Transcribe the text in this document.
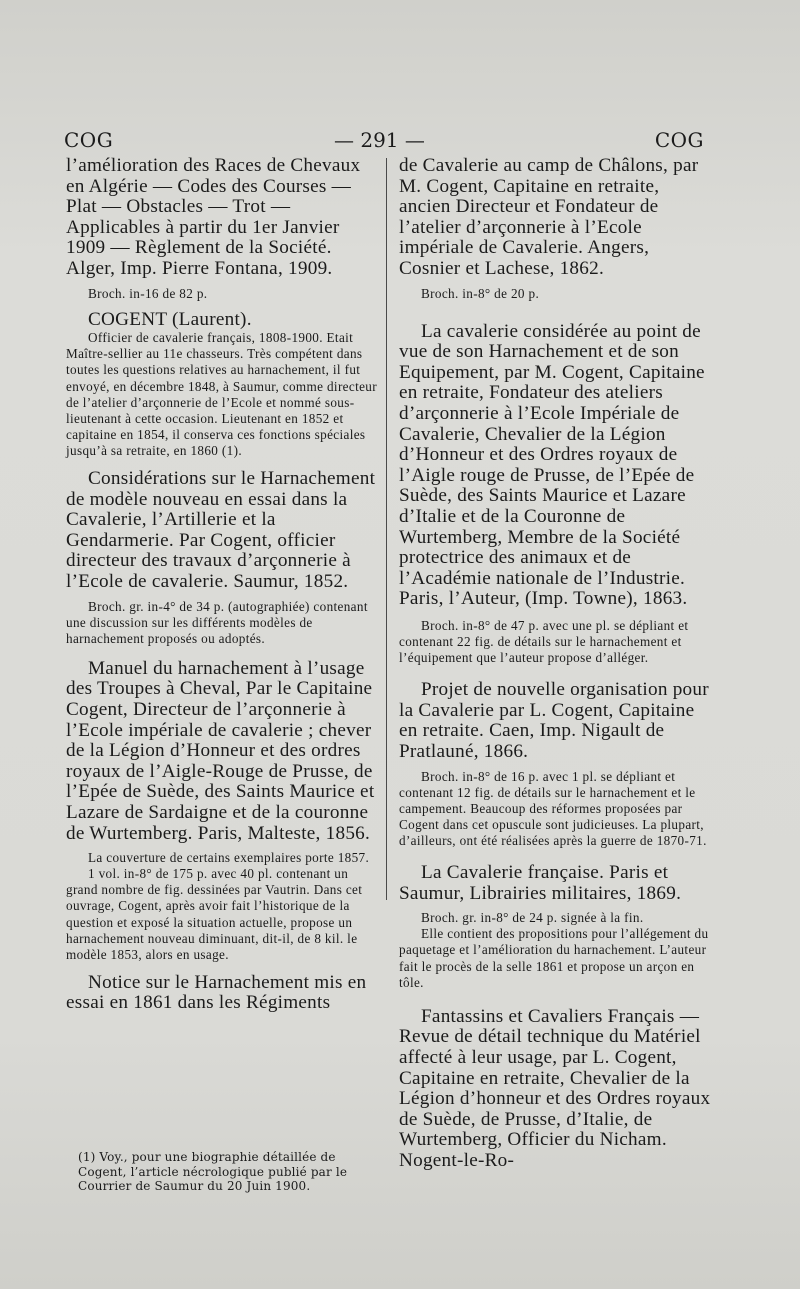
COG	— 291 —	COG

l’amélioration des Races de Chevaux en Algérie — Codes des Courses — Plat — Obstacles — Trot — Applicables à partir du 1er Janvier 1909 — Règlement de la Société. Alger, Imp. Pierre Fontana, 1909.

Broch. in-16 de 82 p.

COGENT (Laurent).

Officier de cavalerie français, 1808-1900. Etait Maître-sellier au 11e chasseurs. Très compétent dans toutes les questions relatives au harnachement, il fut envoyé, en décembre 1848, à Saumur, comme directeur de l’atelier d’arçonnerie de l’Ecole et nommé sous-lieutenant à cette occasion. Lieutenant en 1852 et capitaine en 1854, il conserva ces fonctions spéciales jusqu’à sa retraite, en 1860 (1).

Considérations sur le Harnachement de modèle nouveau en essai dans la Cavalerie, l’Artillerie et la Gendarmerie. Par Cogent, officier directeur des travaux d’arçonnerie à l’Ecole de cavalerie. Saumur, 1852.

Broch. gr. in-4° de 34 p. (autographiée) contenant une discussion sur les différents modèles de harnachement proposés ou adoptés.

Manuel du harnachement à l’usage des Troupes à Cheval, Par le Capitaine Cogent, Directeur de l’arçonnerie à l’Ecole impériale de cavalerie ; chever de la Légion d’Honneur et des ordres royaux de l’Aigle-Rouge de Prusse, de l’Epée de Suède, des Saints Maurice et Lazare de Sardaigne et de la couronne de Wurtemberg. Paris, Malteste, 1856.

La couverture de certains exemplaires porte 1857.

1 vol. in-8° de 175 p. avec 40 pl. contenant un grand nombre de fig. dessinées par Vautrin. Dans cet ouvrage, Cogent, après avoir fait l’historique de la question et exposé la situation actuelle, propose un harnachement nouveau diminuant, dit-il, de 8 kil. le modèle 1853, alors en usage.

Notice sur le Harnachement mis en essai en 1861 dans les Régiments

(1) Voy., pour une biographie détaillée de Cogent, l’article nécrologique publié par le Courrier de Saumur du 20 Juin 1900.

de Cavalerie au camp de Châlons, par M. Cogent, Capitaine en retraite, ancien Directeur et Fondateur de l’atelier d’arçonnerie à l’Ecole impériale de Cavalerie. Angers, Cosnier et Lachese, 1862.

Broch. in-8° de 20 p.

La cavalerie considérée au point de vue de son Harnachement et de son Equipement, par M. Cogent, Capitaine en retraite, Fondateur des ateliers d’arçonnerie à l’Ecole Impériale de Cavalerie, Chevalier de la Légion d’Honneur et des Ordres royaux de l’Aigle rouge de Prusse, de l’Epée de Suède, des Saints Maurice et Lazare d’Italie et de la Couronne de Wurtemberg, Membre de la Société protectrice des animaux et de l’Académie nationale de l’Industrie. Paris, l’Auteur, (Imp. Towne), 1863.

Broch. in-8° de 47 p. avec une pl. se dépliant et contenant 22 fig. de détails sur le harnachement et l’équipement que l’auteur propose d’alléger.

Projet de nouvelle organisation pour la Cavalerie par L. Cogent, Capitaine en retraite. Caen, Imp. Nigault de Pratlauné, 1866.

Broch. in-8° de 16 p. avec 1 pl. se dépliant et contenant 12 fig. de détails sur le harnachement et le campement. Beaucoup des réformes proposées par Cogent dans cet opuscule sont judicieuses. La plupart, d’ailleurs, ont été réalisées après la guerre de 1870-71.

La Cavalerie française. Paris et Saumur, Librairies militaires, 1869.

Broch. gr. in-8° de 24 p. signée à la fin.

Elle contient des propositions pour l’allégement du paquetage et l’amélioration du harnachement. L’auteur fait le procès de la selle 1861 et propose un arçon en tôle.

Fantassins et Cavaliers Français — Revue de détail technique du Matériel affecté à leur usage, par L. Cogent, Capitaine en retraite, Chevalier de la Légion d’honneur et des Ordres royaux de Suède, de Prusse, d’Italie, de Wurtemberg, Officier du Nicham. Nogent-le-Ro-
